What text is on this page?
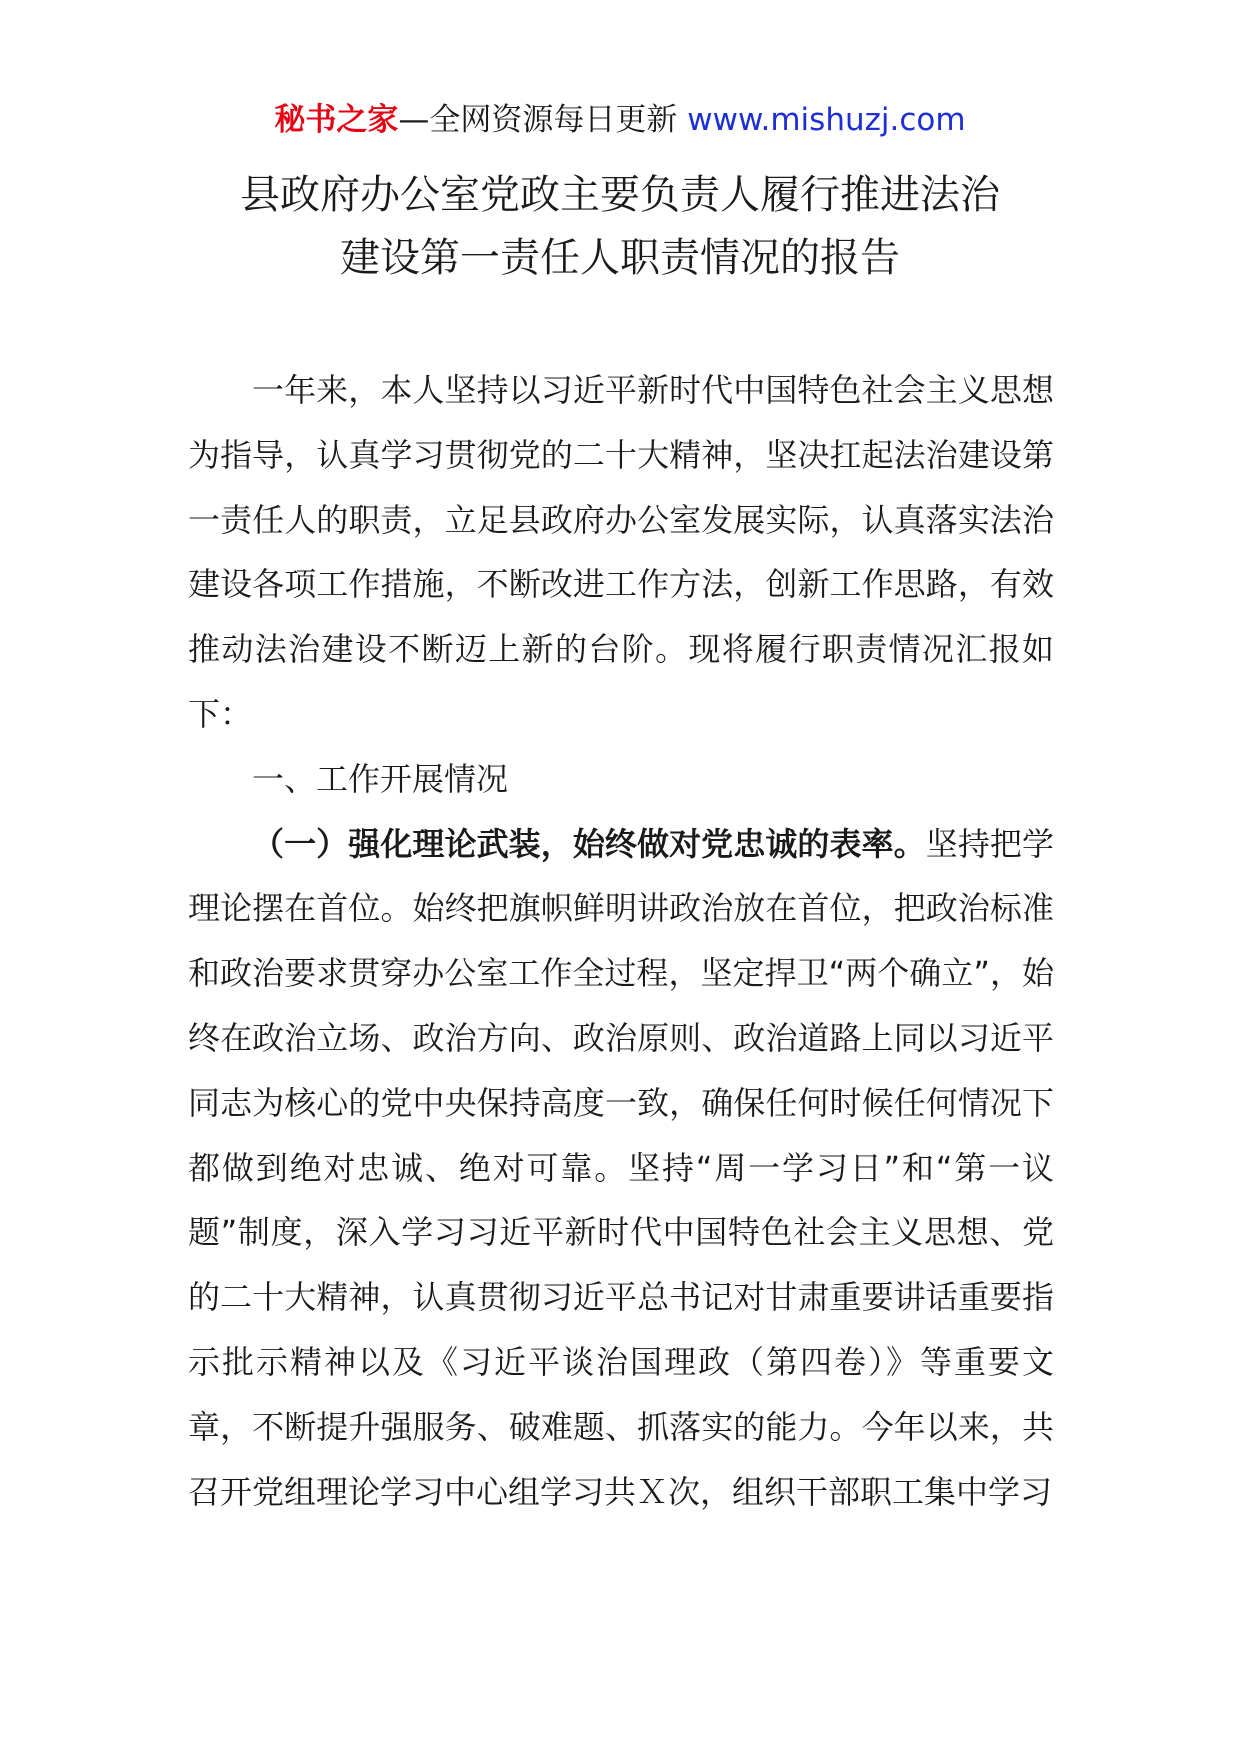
秘书之家—全网资源每日更新 www.mishuzj.com
县政府办公室党政主要负责人履行推进法治
建设第一责任人职责情况的报告

一年来，本人坚持以习近平新时代中国特色社会主义思想为指导，认真学习贯彻党的二十大精神，坚决扛起法治建设第一责任人的职责，立足县政府办公室发展实际，认真落实法治建设各项工作措施，不断改进工作方法，创新工作思路，有效推动法治建设不断迈上新的台阶。现将履行职责情况汇报如下：

一、工作开展情况

（一）强化理论武装，始终做对党忠诚的表率。坚持把学理论摆在首位。始终把旗帜鲜明讲政治放在首位，把政治标准和政治要求贯穿办公室工作全过程，坚定捍卫“两个确立”，始终在政治立场、政治方向、政治原则、政治道路上同以习近平同志为核心的党中央保持高度一致，确保任何时候任何情况下都做到绝对忠诚、绝对可靠。坚持“周一学习日”和“第一议题”制度，深入学习习近平新时代中国特色社会主义思想、党的二十大精神，认真贯彻习近平总书记对甘肃重要讲话重要指示批示精神以及《习近平谈治国理政（第四卷）》等重要文章，不断提升强服务、破难题、抓落实的能力。今年以来，共召开党组理论学习中心组学习共Ｘ次，组织干部职工集中学习
